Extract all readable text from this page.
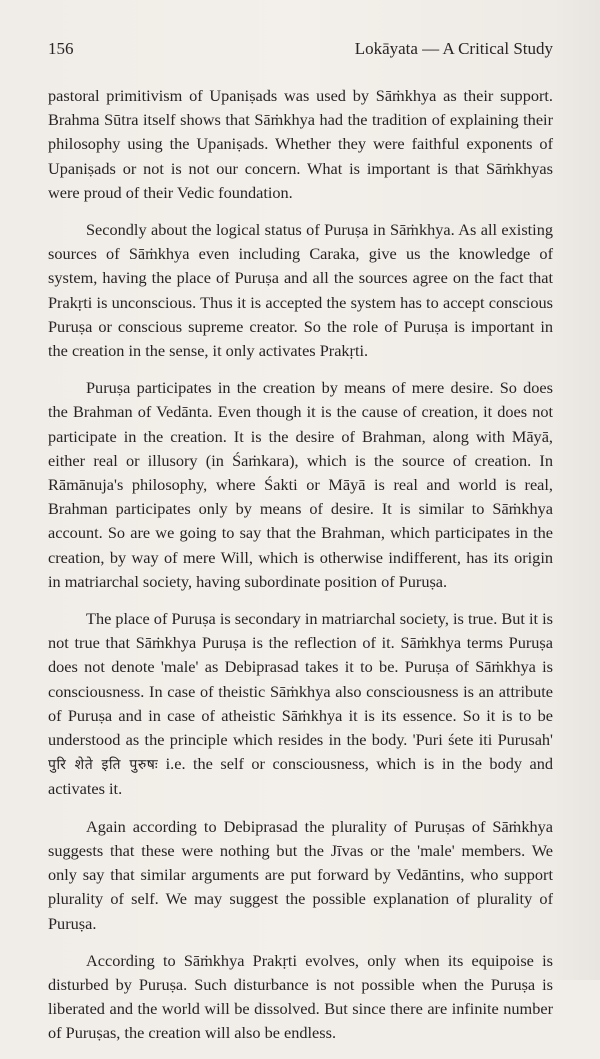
156	Lokāyata — A Critical Study

pastoral primitivism of Upaniṣads was used by Sāṁkhya as their support. Brahma Sūtra itself shows that Sāṁkhya had the tradition of explaining their philosophy using the Upaniṣads. Whether they were faithful exponents of Upaniṣads or not is not our concern. What is important is that Sāṁkhyas were proud of their Vedic foundation.

Secondly about the logical status of Puruṣa in Sāṁkhya. As all existing sources of Sāṁkhya even including Caraka, give us the knowledge of system, having the place of Puruṣa and all the sources agree on the fact that Prakṛti is unconscious. Thus it is accepted the system has to accept conscious Puruṣa or conscious supreme creator. So the role of Puruṣa is important in the creation in the sense, it only activates Prakṛti.

Puruṣa participates in the creation by means of mere desire. So does the Brahman of Vedānta. Even though it is the cause of creation, it does not participate in the creation. It is the desire of Brahman, along with Māyā, either real or illusory (in Śaṁkara), which is the source of creation. In Rāmānuja's philosophy, where Śakti or Māyā is real and world is real, Brahman participates only by means of desire. It is similar to Sāṁkhya account. So are we going to say that the Brahman, which participates in the creation, by way of mere Will, which is otherwise indifferent, has its origin in matriarchal society, having subordinate position of Puruṣa.

The place of Puruṣa is secondary in matriarchal society, is true. But it is not true that Sāṁkhya Puruṣa is the reflection of it. Sāṁkhya terms Puruṣa does not denote 'male' as Debiprasad takes it to be. Puruṣa of Sāṁkhya is consciousness. In case of theistic Sāṁkhya also consciousness is an attribute of Puruṣa and in case of atheistic Sāṁkhya it is its essence. So it is to be understood as the principle which resides in the body. 'Puri śete iti Purusah' पुरि शेते इति पुरुषः i.e. the self or consciousness, which is in the body and activates it.

Again according to Debiprasad the plurality of Puruṣas of Sāṁkhya suggests that these were nothing but the Jīvas or the 'male' members. We only say that similar arguments are put forward by Vedāntins, who support plurality of self. We may suggest the possible explanation of plurality of Puruṣa.

According to Sāṁkhya Prakṛti evolves, only when its equipoise is disturbed by Puruṣa. Such disturbance is not possible when the Puruṣa is liberated and the world will be dissolved. But since there are infinite number of Puruṣas, the creation will also be endless.
